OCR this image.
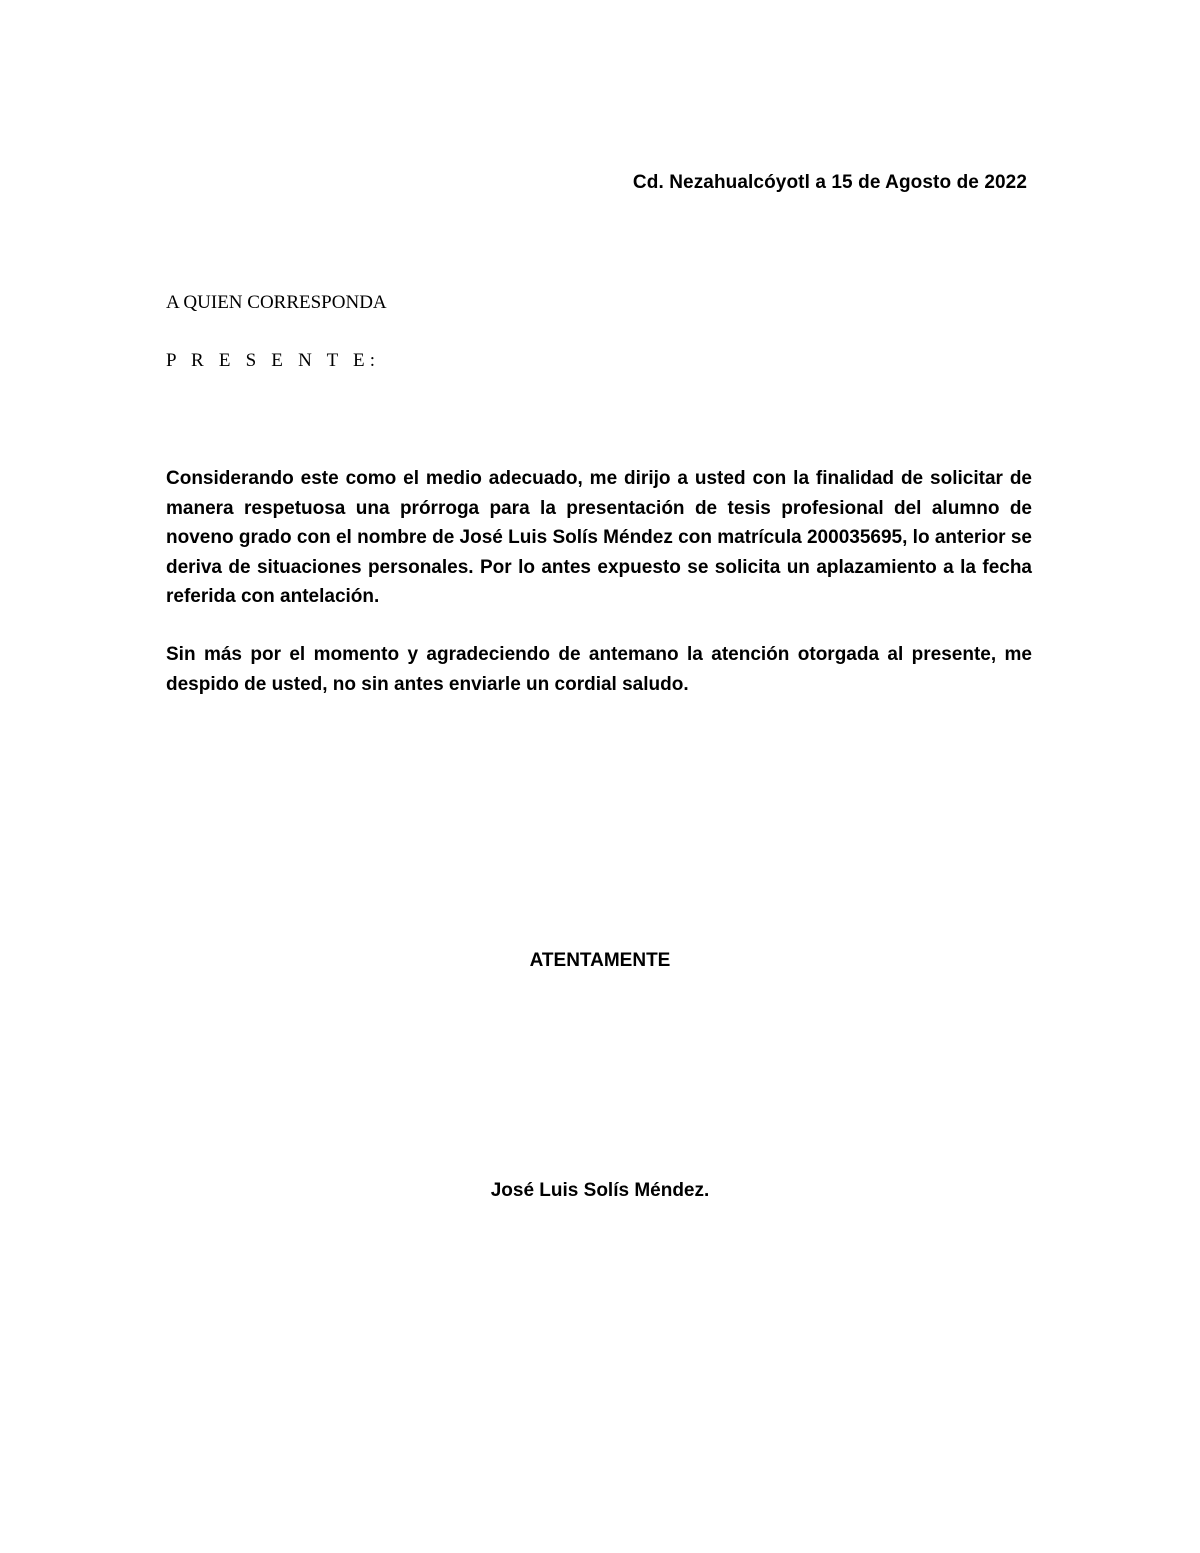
Cd. Nezahualcóyotl a 15 de Agosto de 2022
A QUIEN CORRESPONDA
P R E S E N T E:

Considerando este como el medio adecuado, me dirijo a usted con la finalidad de solicitar de manera respetuosa una prórroga para la presentación de tesis profesional del alumno de noveno grado con el nombre de José Luis Solís Méndez con matrícula 200035695, lo anterior se deriva de situaciones personales. Por lo antes expuesto se solicita un aplazamiento a la fecha referida con antelación.

Sin más por el momento y agradeciendo de antemano la atención otorgada al presente, me despido de usted, no sin antes enviarle un cordial saludo.

ATENTAMENTE
José Luis Solís Méndez.
